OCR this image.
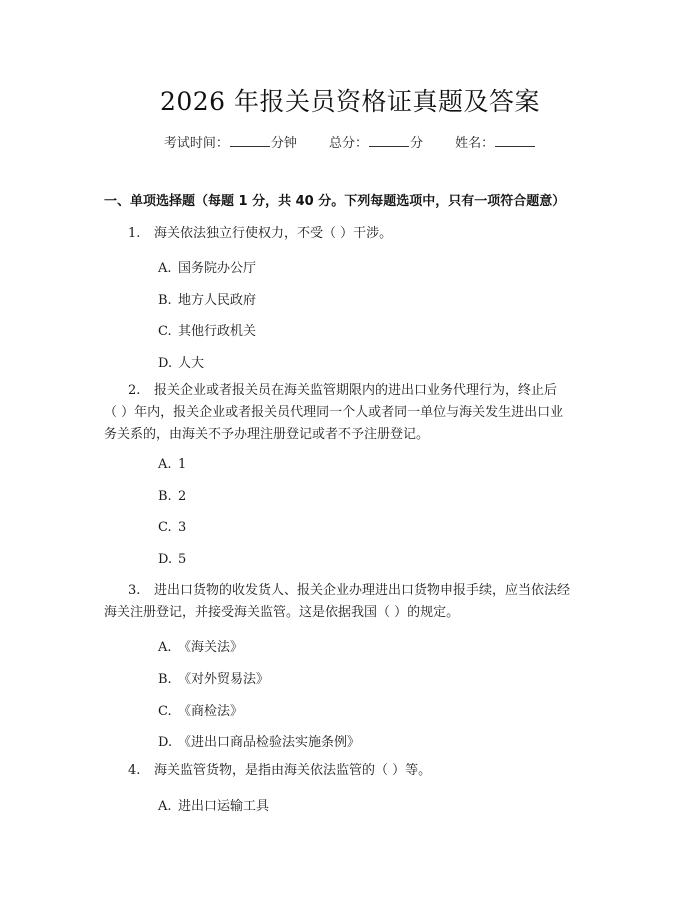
2026 年报关员资格证真题及答案
考试时间：	分钟 总分：	分 姓名：
一、单项选择题（每题 1 分，共 40 分。下列每题选项中，只有一项符合题意）
1. 海关依法独立行使权力，不受（ ）干涉。
A. 国务院办公厅
B. 地方人民政府
C. 其他行政机关
D. 人大
2. 报关企业或者报关员在海关监管期限内的进出口业务代理行为，终止后
（ ）年内，报关企业或者报关员代理同一个人或者同一单位与海关发生进出口业
务关系的，由海关不予办理注册登记或者不予注册登记。
A. 1
B. 2
C. 3
D. 5
3. 进出口货物的收发货人、报关企业办理进出口货物申报手续，应当依法经
海关注册登记，并接受海关监管。这是依据我国（ ）的规定。
A. 《海关法》
B. 《对外贸易法》
C. 《商检法》
D. 《进出口商品检验法实施条例》
4. 海关监管货物，是指由海关依法监管的（ ）等。
A. 进出口运输工具
